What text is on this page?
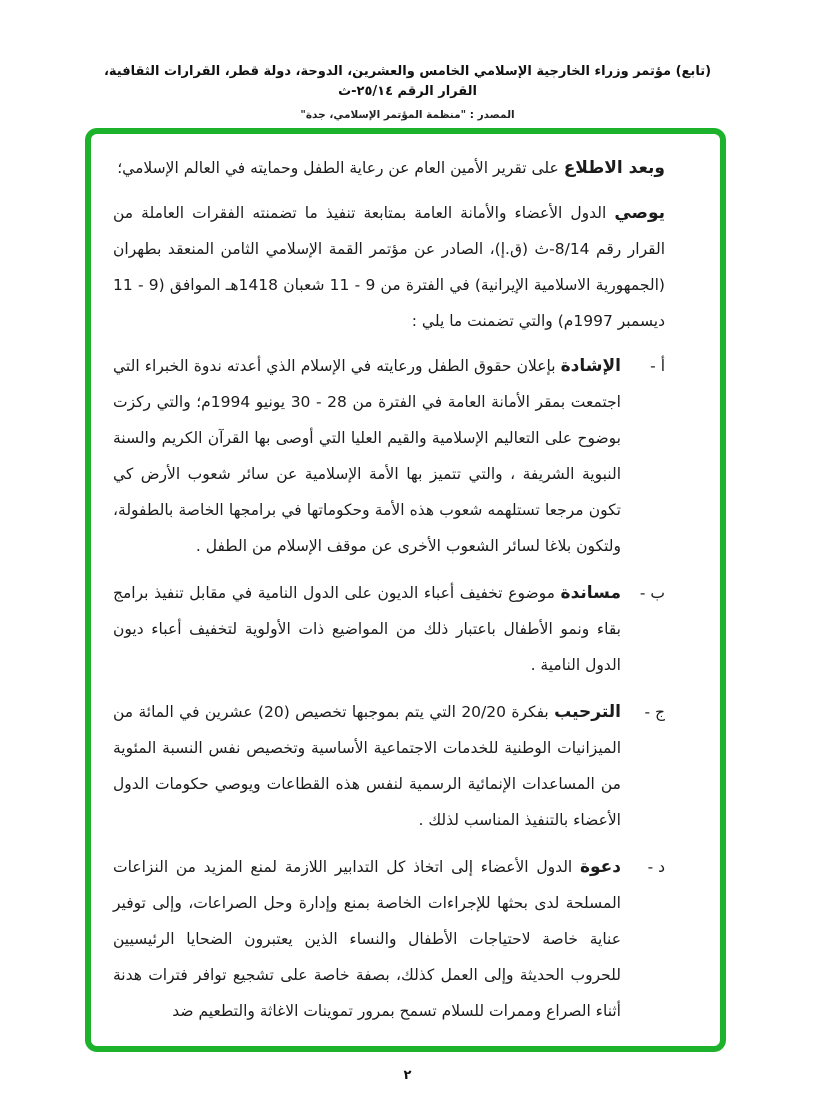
(تابع) مؤتمر وزراء الخارجية الإسلامي الخامس والعشرين، الدوحة، دولة قطر، القرارات الثقافية، القرار الرقم ٢٥/١٤-ث
المصدر : "منظمة المؤتمر الإسلامي، جدة"

وبعد الاطلاع على تقرير الأمين العام عن رعاية الطفل وحمايته في العالم الإسلامي؛

يوصي الدول الأعضاء والأمانة العامة بمتابعة تنفيذ ما تضمنته الفقرات العاملة من القرار رقم 8/14-ث (ق.إ)، الصادر عن مؤتمر القمة الإسلامي الثامن المنعقد بطهران (الجمهورية الاسلامية الإيرانية) في الفترة من 9 - 11 شعبان 1418هـ الموافق (9 - 11 ديسمبر 1997م) والتي تضمنت ما يلي :

أ -

الإشادة بإعلان حقوق الطفل ورعايته في الإسلام الذي أعدته ندوة الخبراء التي اجتمعت بمقر الأمانة العامة في الفترة من 28 - 30 يونيو 1994م؛ والتي ركزت بوضوح على التعاليم الإسلامية والقيم العليا التي أوصى بها القرآن الكريم والسنة النبوية الشريفة ، والتي تتميز بها الأمة الإسلامية عن سائر شعوب الأرض كي تكون مرجعا تستلهمه شعوب هذه الأمة وحكوماتها في برامجها الخاصة بالطفولة، ولتكون بلاغا لسائر الشعوب الأخرى عن موقف الإسلام من الطفل .

ب -

مساندة موضوع تخفيف أعباء الديون على الدول النامية في مقابل تنفيذ برامج بقاء ونمو الأطفال باعتبار ذلك من المواضيع ذات الأولوية لتخفيف أعباء ديون الدول النامية .

ج -

الترحيب بفكرة 20/20 التي يتم بموجبها تخصيص (20) عشرين في المائة من الميزانيات الوطنية للخدمات الاجتماعية الأساسية وتخصيص نفس النسبة المئوية من المساعدات الإنمائية الرسمية لنفس هذه القطاعات ويوصي حكومات الدول الأعضاء بالتنفيذ المناسب لذلك .

د -

دعوة الدول الأعضاء إلى اتخاذ كل التدابير اللازمة لمنع المزيد من النزاعات المسلحة لدى بحثها للإجراءات الخاصة بمنع وإدارة وحل الصراعات، وإلى توفير عناية خاصة لاحتياجات الأطفال والنساء الذين يعتبرون الضحايا الرئيسيين للحروب الحديثة وإلى العمل كذلك، بصفة خاصة على تشجيع توافر فترات هدنة أثناء الصراع وممرات للسلام تسمح بمرور تموينات الاغاثة والتطعيم ضد

٢
